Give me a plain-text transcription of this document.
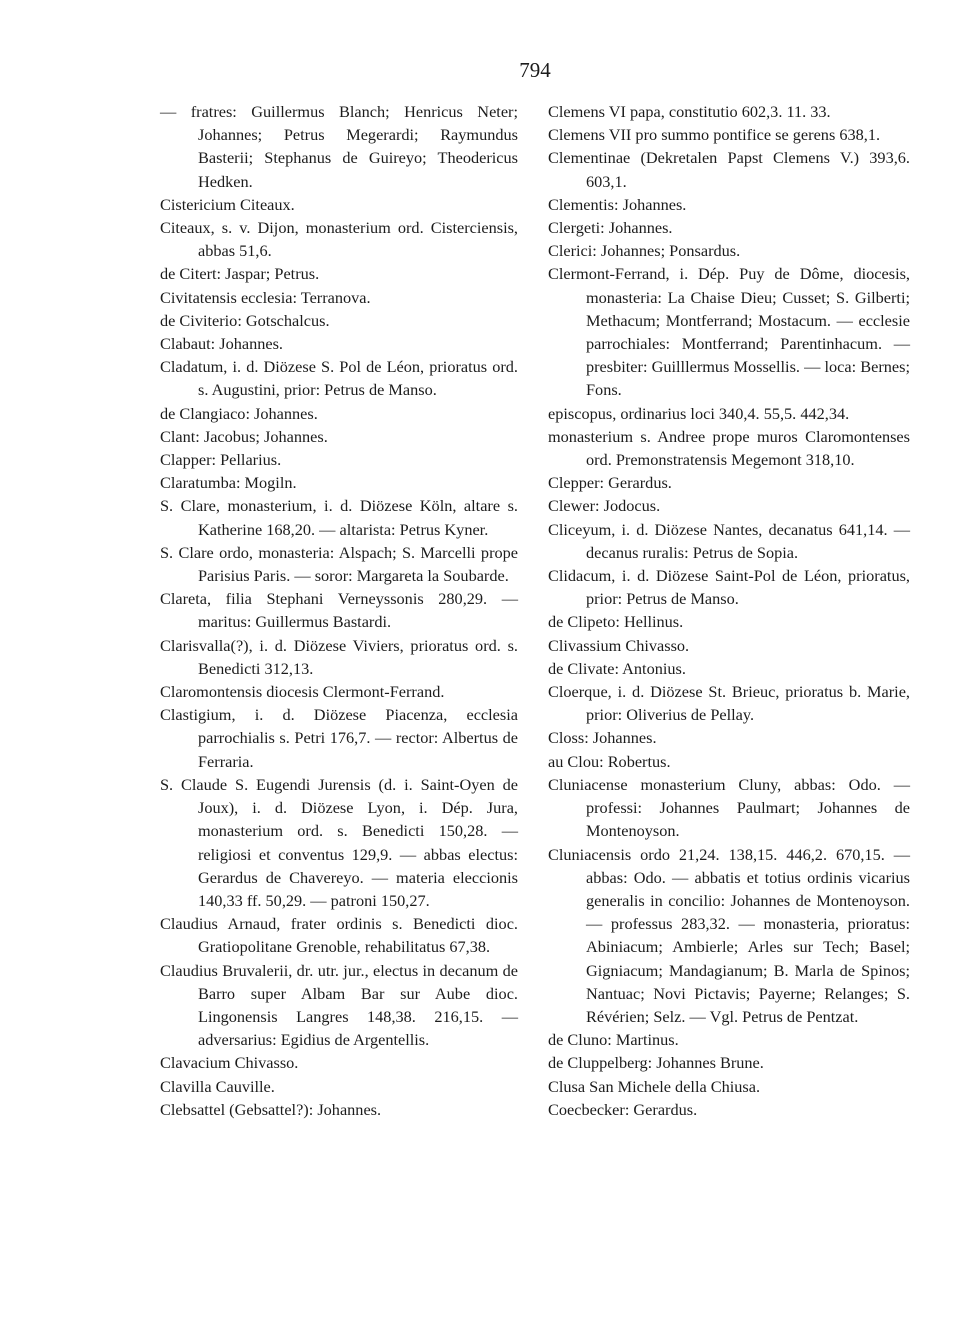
794

— fratres: Guillermus Blanch; Henricus Neter; Johannes; Petrus Megerardi; Raymundus Basterii; Stephanus de Guireyo; Theodericus Hedken.

Cistericium Citeaux.

Citeaux, s. v. Dijon, monasterium ord. Cisterciensis, abbas 51,6.

de Citert: Jaspar; Petrus.

Civitatensis ecclesia: Terranova.

de Civiterio: Gotschalcus.

Clabaut: Johannes.

Cladatum, i. d. Diözese S. Pol de Léon, prioratus ord. s. Augustini, prior: Petrus de Manso.

de Clangiaco: Johannes.

Clant: Jacobus; Johannes.

Clapper: Pellarius.

Claratumba: Mogiln.

S. Clare, monasterium, i. d. Diözese Köln, altare s. Katherine 168,20. — altarista: Petrus Kyner.

S. Clare ordo, monasteria: Alspach; S. Marcelli prope Parisius Paris. — soror: Margareta la Soubarde.

Clareta, filia Stephani Verneyssonis 280,29. — maritus: Guillermus Bastardi.

Clarisvalla(?), i. d. Diözese Viviers, prioratus ord. s. Benedicti 312,13.

Claromontensis diocesis Clermont-Ferrand.

Clastigium, i. d. Diözese Piacenza, ecclesia parrochialis s. Petri 176,7. — rector: Albertus de Ferraria.

S. Claude S. Eugendi Jurensis (d. i. Saint-Oyen de Joux), i. d. Diözese Lyon, i. Dép. Jura, monasterium ord. s. Benedicti 150,28. — religiosi et conventus 129,9. — abbas electus: Gerardus de Chavereyo. — materia eleccionis 140,33 ff. 50,29. — patroni 150,27.

Claudius Arnaud, frater ordinis s. Benedicti dioc. Gratiopolitane Grenoble, rehabilitatus 67,38.

Claudius Bruvalerii, dr. utr. jur., electus in decanum de Barro super Albam Bar sur Aube dioc. Lingonensis Langres 148,38. 216,15. — adversarius: Egidius de Argentellis.

Clavacium Chivasso.

Clavilla Cauville.

Clebsattel (Gebsattel?): Johannes.

Clemens VI papa, constitutio 602,3. 11. 33.

Clemens VII pro summo pontifice se gerens 638,1.

Clementinae (Dekretalen Papst Clemens V.) 393,6. 603,1.

Clementis: Johannes.

Clergeti: Johannes.

Clerici: Johannes; Ponsardus.

Clermont-Ferrand, i. Dép. Puy de Dôme, diocesis, monasteria: La Chaise Dieu; Cusset; S. Gilberti; Methacum; Montferrand; Mostacum. — ecclesie parrochiales: Montferrand; Parentinhacum. — presbiter: Guilllermus Mossellis. — loca: Bernes; Fons.

episcopus, ordinarius loci 340,4. 55,5. 442,34.

monasterium s. Andree prope muros Claromontenses ord. Premonstratensis Megemont 318,10.

Clepper: Gerardus.

Clewer: Jodocus.

Cliceyum, i. d. Diözese Nantes, decanatus 641,14. — decanus ruralis: Petrus de Sopia.

Clidacum, i. d. Diözese Saint-Pol de Léon, prioratus, prior: Petrus de Manso.

de Clipeto: Hellinus.

Clivassium Chivasso.

de Clivate: Antonius.

Cloerque, i. d. Diözese St. Brieuc, prioratus b. Marie, prior: Oliverius de Pellay.

Closs: Johannes.

au Clou: Robertus.

Cluniacense monasterium Cluny, abbas: Odo. — professi: Johannes Paulmart; Johannes de Montenoyson.

Cluniacensis ordo 21,24. 138,15. 446,2. 670,15. — abbas: Odo. — abbatis et totius ordinis vicarius generalis in concilio: Johannes de Montenoyson. — professus 283,32. — monasteria, prioratus: Abiniacum; Ambierle; Arles sur Tech; Basel; Gigniacum; Mandagianum; B. Marla de Spinos; Nantuac; Novi Pictavis; Payerne; Relanges; S. Révérien; Selz. — Vgl. Petrus de Pentzat.

de Cluno: Martinus.

de Cluppelberg: Johannes Brune.

Clusa San Michele della Chiusa.

Coecbecker: Gerardus.
